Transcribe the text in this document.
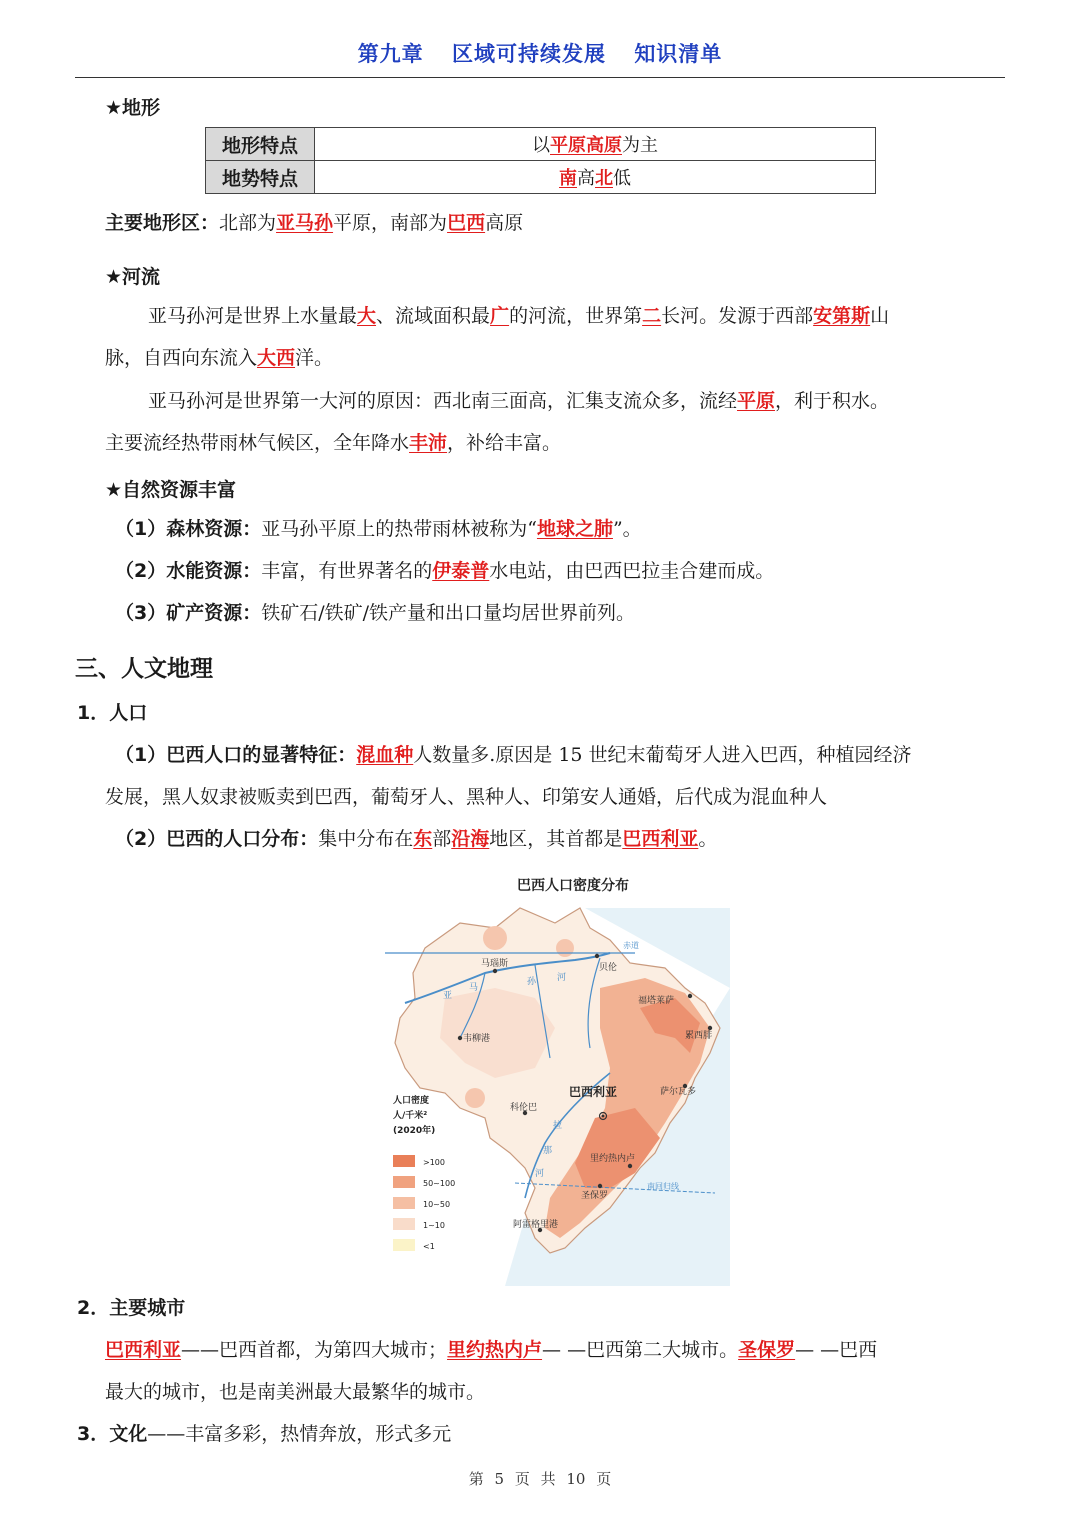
第九章 区域可持续发展 知识清单
★地形
地形特点	以平原高原为主
地势特点	南高北低
主要地形区：北部为亚马孙平原，南部为巴西高原
★河流
亚马孙河是世界上水量最大、流域面积最广的河流，世界第二长河。发源于西部安第斯山
脉，自西向东流入大西洋。
亚马孙河是世界第一大河的原因：西北南三面高，汇集支流众多，流经平原，利于积水。
主要流经热带雨林气候区，全年降水丰沛，补给丰富。
★自然资源丰富
（1）森林资源：亚马孙平原上的热带雨林被称为“地球之肺”。
（2）水能资源：丰富，有世界著名的伊泰普水电站，由巴西巴拉圭合建而成。
（3）矿产资源：铁矿石/铁矿/铁产量和出口量均居世界前列。
三、人文地理
1．人口
（1）巴西人口的显著特征：混血种人数量多.原因是 15 世纪末葡萄牙人进入巴西，种植园经济
发展，黑人奴隶被贩卖到巴西，葡萄牙人、黑种人、印第安人通婚，后代成为混血种人
（2）巴西的人口分布：集中分布在东部沿海地区，其首都是巴西利亚。
巴西人口密度分布
赤道
南回归线
亚
马
孙 河
拉
那
河
马瑙斯	贝伦
福塔莱萨
累西腓
萨尔瓦多
韦柳港
科伦巴
巴西利亚
里约热内卢
圣保罗
阿雷格里港
人口密度
人/千米²
(2020年)
>100
50~100
10~50
1~10
<1
2．主要城市
巴西利亚——巴西首都，为第四大城市；里约热内卢— —巴西第二大城市。圣保罗— —巴西
最大的城市，也是南美洲最大最繁华的城市。
3．文化——丰富多彩，热情奔放，形式多元
第 5 页 共 10 页
